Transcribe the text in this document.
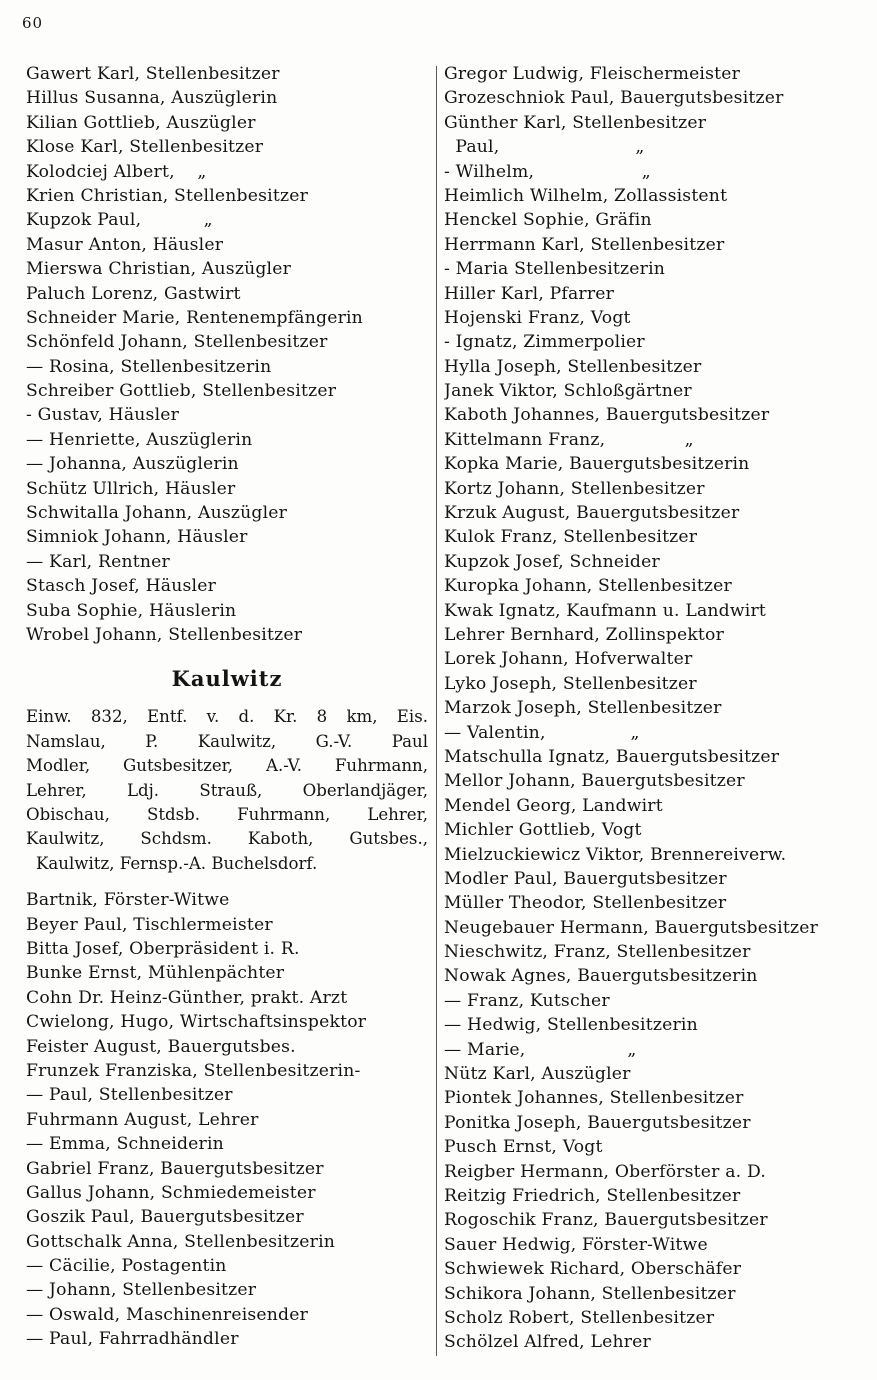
60
Gawert Karl, Stellenbesitzer
Hillus Susanna, Auszüglerin
Kilian Gottlieb, Auszügler
Klose Karl, Stellenbesitzer
Kolodciej Albert,    „
Krien Christian, Stellenbesitzer
Kupzok Paul,           „
Masur Anton, Häusler
Mierswa Christian, Auszügler
Paluch Lorenz, Gastwirt
Schneider Marie, Rentenempfängerin
Schönfeld Johann, Stellenbesitzer
— Rosina, Stellenbesitzerin
Schreiber Gottlieb, Stellenbesitzer
- Gustav, Häusler
— Henriette, Auszüglerin
— Johanna, Auszüglerin
Schütz Ullrich, Häusler
Schwitalla Johann, Auszügler
Simniok Johann, Häusler
— Karl, Rentner
Stasch Josef, Häusler
Suba Sophie, Häuslerin
Wrobel Johann, Stellenbesitzer
Kaulwitz
Einw. 832, Entf. v. d. Kr. 8 km, Eis.
Namslau, P. Kaulwitz, G.-V. Paul
Modler, Gutsbesitzer, A.-V. Fuhrmann,
Lehrer, Ldj. Strauß, Oberlandjäger,
Obischau, Stdsb. Fuhrmann, Lehrer,
Kaulwitz, Schdsm. Kaboth, Gutsbes.,
Kaulwitz, Fernsp.-A. Buchelsdorf.
Bartnik, Förster-Witwe
Beyer Paul, Tischlermeister
Bitta Josef, Oberpräsident i. R.
Bunke Ernst, Mühlenpächter
Cohn Dr. Heinz-Günther, prakt. Arzt
Cwielong, Hugo, Wirtschaftsinspektor
Feister August, Bauergutsbes.
Frunzek Franziska, Stellenbesitzerin-
— Paul, Stellenbesitzer
Fuhrmann August, Lehrer
— Emma, Schneiderin
Gabriel Franz, Bauergutsbesitzer
Gallus Johann, Schmiedemeister
Goszik Paul, Bauergutsbesitzer
Gottschalk Anna, Stellenbesitzerin
— Cäcilie, Postagentin
— Johann, Stellenbesitzer
— Oswald, Maschinenreisender
— Paul, Fahrradhändler
Gregor Ludwig, Fleischermeister
Grozeschniok Paul, Bauergutsbesitzer
Günther Karl, Stellenbesitzer
Paul,                        „
- Wilhelm,                   „
Heimlich Wilhelm, Zollassistent
Henckel Sophie, Gräfin
Herrmann Karl, Stellenbesitzer
- Maria Stellenbesitzerin
Hiller Karl, Pfarrer
Hojenski Franz, Vogt
- Ignatz, Zimmerpolier
Hylla Joseph, Stellenbesitzer
Janek Viktor, Schloßgärtner
Kaboth Johannes, Bauergutsbesitzer
Kittelmann Franz,              „
Kopka Marie, Bauergutsbesitzerin
Kortz Johann, Stellenbesitzer
Krzuk August, Bauergutsbesitzer
Kulok Franz, Stellenbesitzer
Kupzok Josef, Schneider
Kuropka Johann, Stellenbesitzer
Kwak Ignatz, Kaufmann u. Landwirt
Lehrer Bernhard, Zollinspektor
Lorek Johann, Hofverwalter
Lyko Joseph, Stellenbesitzer
Marzok Joseph, Stellenbesitzer
— Valentin,               „
Matschulla Ignatz, Bauergutsbesitzer
Mellor Johann, Bauergutsbesitzer
Mendel Georg, Landwirt
Michler Gottlieb, Vogt
Mielzuckiewicz Viktor, Brennereiverw.
Modler Paul, Bauergutsbesitzer
Müller Theodor, Stellenbesitzer
Neugebauer Hermann, Bauergutsbesitzer
Nieschwitz, Franz, Stellenbesitzer
Nowak Agnes, Bauergutsbesitzerin
— Franz, Kutscher
— Hedwig, Stellenbesitzerin
— Marie,                  „
Nütz Karl, Auszügler
Piontek Johannes, Stellenbesitzer
Ponitka Joseph, Bauergutsbesitzer
Pusch Ernst, Vogt
Reigber Hermann, Oberförster a. D.
Reitzig Friedrich, Stellenbesitzer
Rogoschik Franz, Bauergutsbesitzer
Sauer Hedwig, Förster-Witwe
Schwiewek Richard, Oberschäfer
Schikora Johann, Stellenbesitzer
Scholz Robert, Stellenbesitzer
Schölzel Alfred, Lehrer
